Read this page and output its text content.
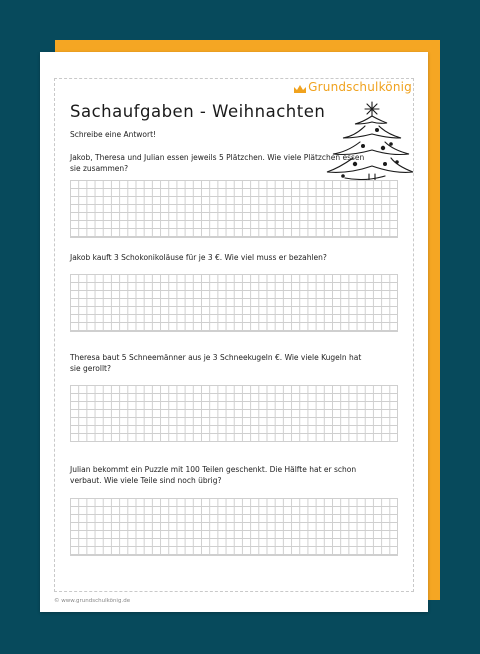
Grundschulkönig
Sachaufgaben - Weihnachten
Schreibe eine Antwort!
Jakob, Theresa und Julian essen jeweils 5 Plätzchen. Wie viele Plätzchen essen sie zusammen?
Jakob kauft 3 Schokonikoläuse für je 3 €. Wie viel muss er bezahlen?
Theresa baut 5 Schneemänner aus je 3 Schneekugeln €. Wie viele Kugeln hat sie gerollt?
Julian bekommt ein Puzzle mit 100 Teilen geschenkt. Die Hälfte hat er schon verbaut. Wie viele Teile sind noch übrig?
© www.grundschulkönig.de
